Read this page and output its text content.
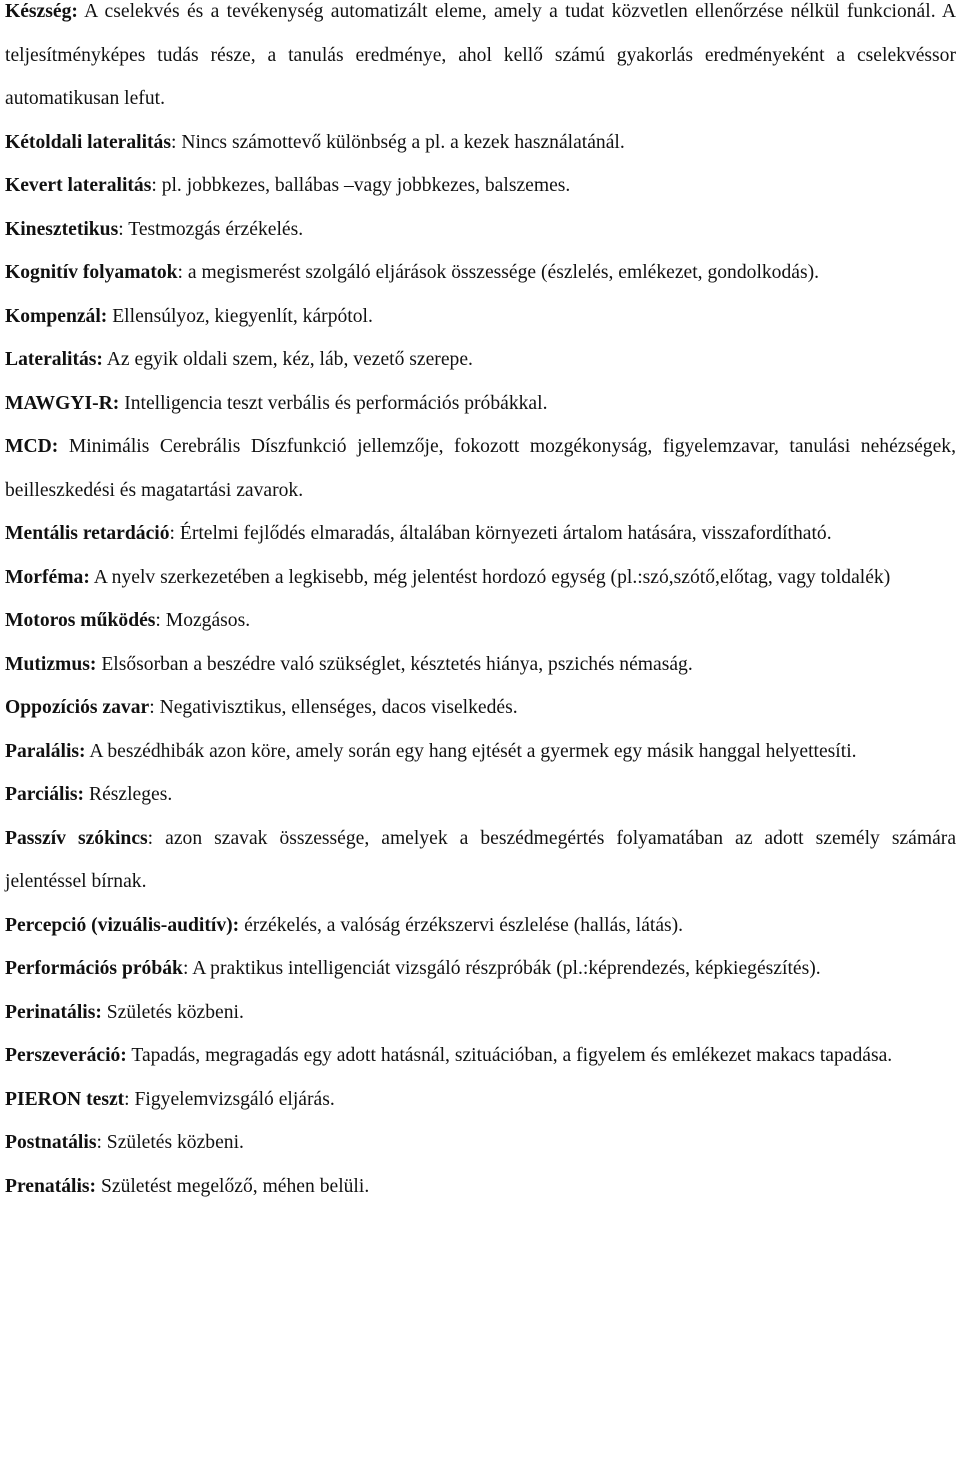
Készség: A cselekvés és a tevékenység automatizált eleme, amely a tudat közvetlen ellenőrzése nélkül funkcionál. A teljesítményképes tudás része, a tanulás eredménye, ahol kellő számú gyakorlás eredményeként a cselekvéssor automatikusan lefut.

Kétoldali lateralitás: Nincs számottevő különbség a pl. a kezek használatánál.

Kevert lateralitás: pl. jobbkezes, ballábas –vagy jobbkezes, balszemes.

Kinesztetikus: Testmozgás érzékelés.

Kognitív folyamatok: a megismerést szolgáló eljárások összessége (észlelés, emlékezet, gondolkodás).

Kompenzál: Ellensúlyoz, kiegyenlít, kárpótol.

Lateralitás: Az egyik oldali szem, kéz, láb, vezető szerepe.

MAWGYI-R: Intelligencia teszt verbális és performációs próbákkal.

MCD: Minimális Cerebrális Díszfunkció jellemzője, fokozott mozgékonyság, figyelemzavar, tanulási nehézségek, beilleszkedési és magatartási zavarok.

Mentális retardáció: Értelmi fejlődés elmaradás, általában környezeti ártalom hatására, visszafordítható.

Morféma: A nyelv szerkezetében a legkisebb, még jelentést hordozó egység (pl.:szó,szótő,előtag, vagy toldalék)

Motoros működés: Mozgásos.

Mutizmus: Elsősorban a beszédre való szükséglet, késztetés hiánya, pszichés némaság.

Oppozíciós zavar: Negativisztikus, ellenséges, dacos viselkedés.

Paralális: A beszédhibák azon köre, amely során egy hang ejtését a gyermek egy másik hanggal helyettesíti.

Parciális: Részleges.

Passzív szókincs: azon szavak összessége, amelyek a beszédmegértés folyamatában az adott személy számára jelentéssel bírnak.

Percepció (vizuális-auditív): érzékelés, a valóság érzékszervi észlelése (hallás, látás).

Performációs próbák: A praktikus intelligenciát vizsgáló részpróbák (pl.:képrendezés, képkiegészítés).

Perinatális: Születés közbeni.

Perszeveráció: Tapadás, megragadás egy adott hatásnál, szituációban, a figyelem és emlékezet makacs tapadása.

PIERON teszt: Figyelemvizsgáló eljárás.

Postnatális: Születés közbeni.

Prenatális: Születést megelőző, méhen belüli.
